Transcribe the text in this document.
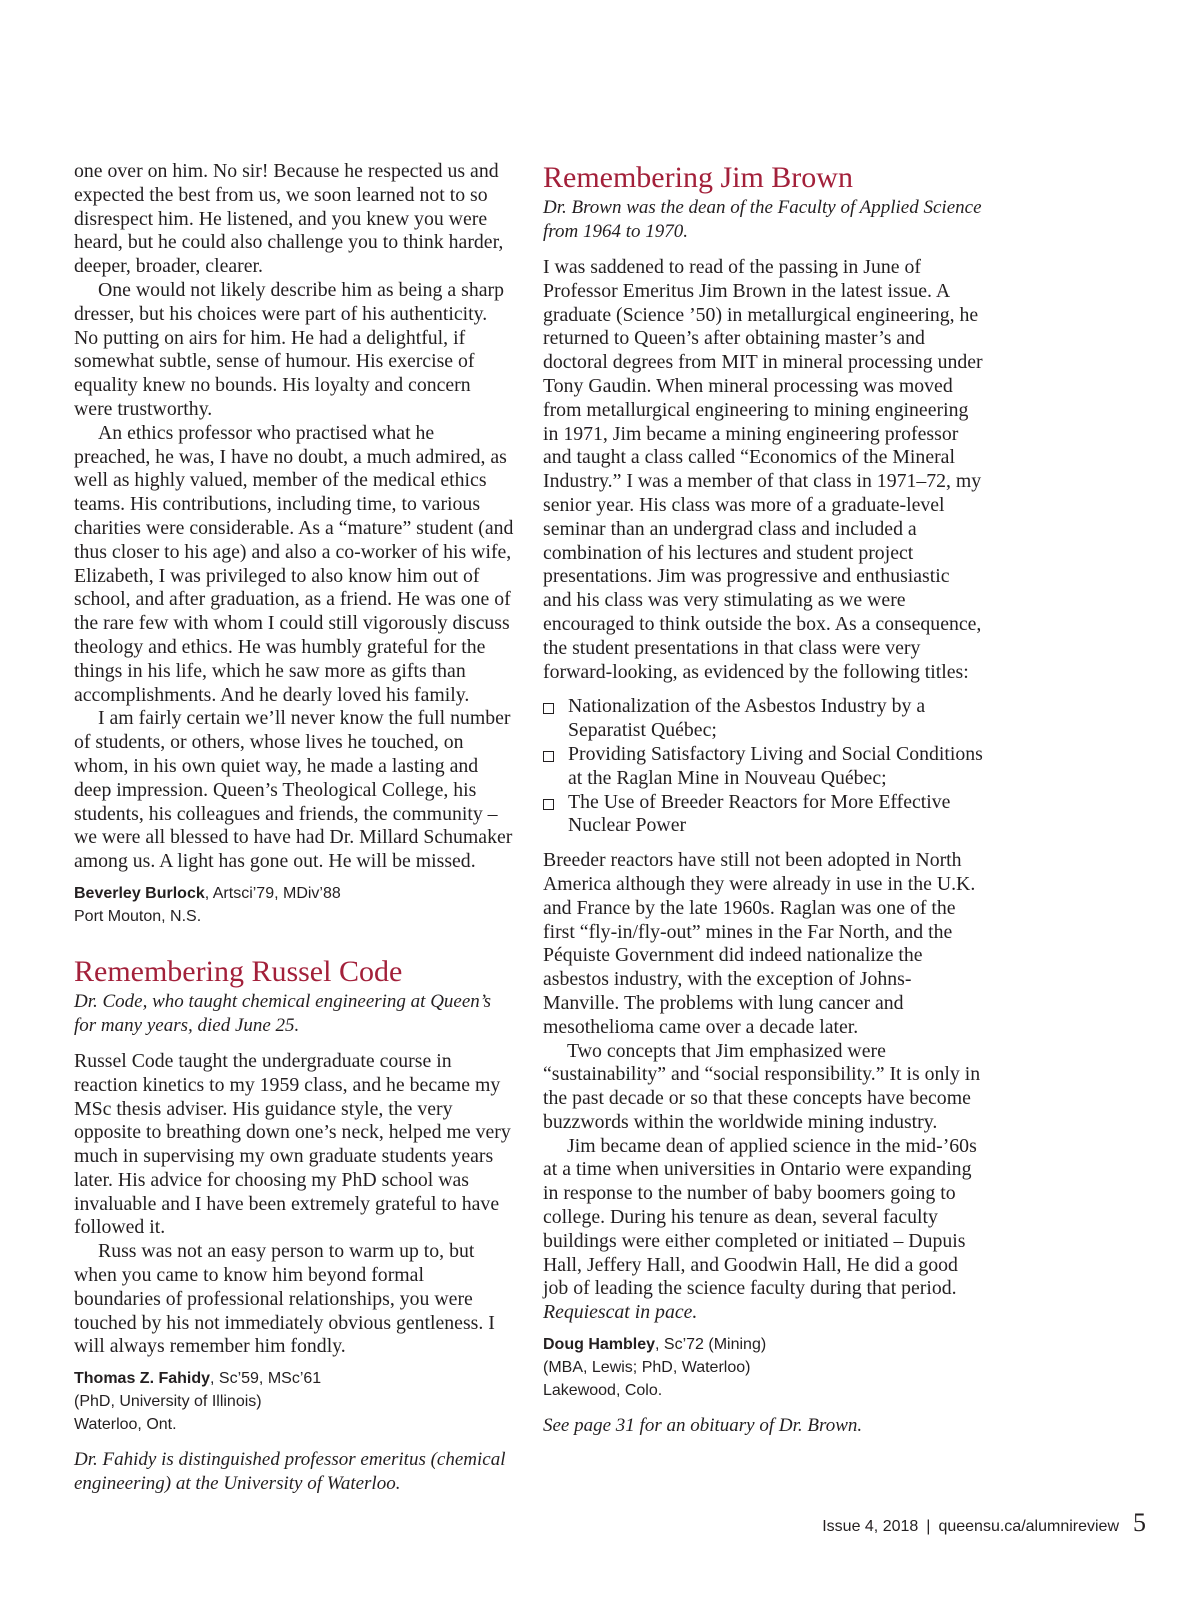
one over on him. No sir! Because he respected us and expected the best from us, we soon learned not to so disrespect him. He listened, and you knew you were heard, but he could also challenge you to think harder, deeper, broader, clearer.

One would not likely describe him as being a sharp dresser, but his choices were part of his authenticity. No putting on airs for him. He had a delightful, if somewhat subtle, sense of humour. His exercise of equality knew no bounds. His loyalty and concern were trustworthy.

An ethics professor who practised what he preached, he was, I have no doubt, a much admired, as well as highly valued, member of the medical ethics teams. His contributions, including time, to various charities were considerable. As a “mature” student (and thus closer to his age) and also a co-worker of his wife, Elizabeth, I was privileged to also know him out of school, and after graduation, as a friend. He was one of the rare few with whom I could still vigorously discuss theology and ethics. He was humbly grateful for the things in his life, which he saw more as gifts than accomplishments. And he dearly loved his family.

I am fairly certain we’ll never know the full number of students, or others, whose lives he touched, on whom, in his own quiet way, he made a lasting and deep impression. Queen’s Theological College, his students, his colleagues and friends, the community – we were all blessed to have had Dr. Millard Schumaker among us. A light has gone out. He will be missed.

Beverley Burlock, Artsci’79, MDiv’88
Port Mouton, N.S.
Remembering Russel Code
Dr. Code, who taught chemical engineering at Queen’s for many years, died June 25.

Russel Code taught the undergraduate course in reaction kinetics to my 1959 class, and he became my MSc thesis adviser. His guidance style, the very opposite to breathing down one’s neck, helped me very much in supervising my own graduate students years later. His advice for choosing my PhD school was invaluable and I have been extremely grateful to have followed it.

Russ was not an easy person to warm up to, but when you came to know him beyond formal boundaries of professional relationships, you were touched by his not immediately obvious gentleness. I will always remember him fondly.

Thomas Z. Fahidy, Sc’59, MSc’61
(PhD, University of Illinois)
Waterloo, Ont.
Dr. Fahidy is distinguished professor emeritus (chemical engineering) at the University of Waterloo.
Remembering Jim Brown
Dr. Brown was the dean of the Faculty of Applied Science from 1964 to 1970.

I was saddened to read of the passing in June of Professor Emeritus Jim Brown in the latest issue. A graduate (Science ’50) in metallurgical engineering, he returned to Queen’s after obtaining master’s and doctoral degrees from MIT in mineral processing under Tony Gaudin. When mineral processing was moved from metallurgical engineering to mining engineering in 1971, Jim became a mining engineering professor and taught a class called “Economics of the Mineral Industry.” I was a member of that class in 1971–72, my senior year. His class was more of a graduate-level seminar than an undergrad class and included a combination of his lectures and student project presentations. Jim was progressive and enthusiastic and his class was very stimulating as we were encouraged to think outside the box. As a consequence, the student presentations in that class were very forward-looking, as evidenced by the following titles:

Nationalization of the Asbestos Industry by a Separatist Québec;
Providing Satisfactory Living and Social Conditions at the Raglan Mine in Nouveau Québec;
The Use of Breeder Reactors for More Effective Nuclear Power

Breeder reactors have still not been adopted in North America although they were already in use in the U.K. and France by the late 1960s. Raglan was one of the first “fly-in/fly-out” mines in the Far North, and the Péquiste Government did indeed nationalize the asbestos industry, with the exception of Johns-Manville. The problems with lung cancer and mesothelioma came over a decade later.

Two concepts that Jim emphasized were “sustainability” and “social responsibility.” It is only in the past decade or so that these concepts have become buzzwords within the worldwide mining industry.

Jim became dean of applied science in the mid-’60s at a time when universities in Ontario were expanding in response to the number of baby boomers going to college. During his tenure as dean, several faculty buildings were either completed or initiated – Dupuis Hall, Jeffery Hall, and Goodwin Hall, He did a good job of leading the science faculty during that period. Requiescat in pace.

Doug Hambley, Sc’72 (Mining)
(MBA, Lewis; PhD, Waterloo)
Lakewood, Colo.
See page 31 for an obituary of Dr. Brown.
Issue 4, 2018 | queensu.ca/alumnireview 5
